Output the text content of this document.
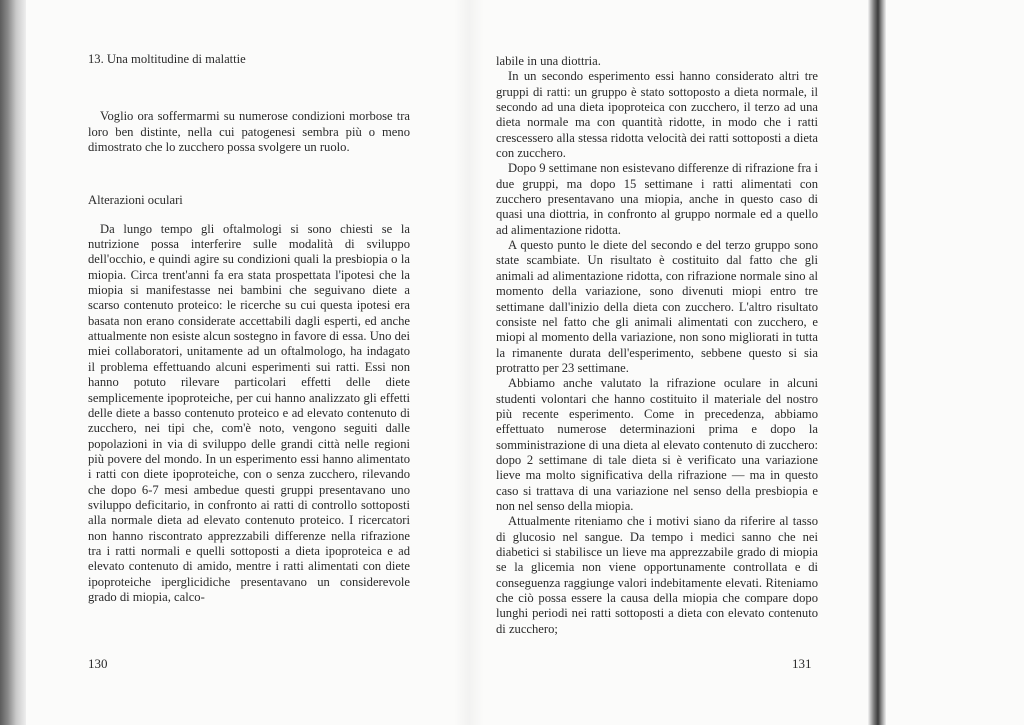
13. Una moltitudine di malattie

Voglio ora soffermarmi su numerose condizioni morbose tra loro ben distinte, nella cui patogenesi sembra più o meno dimostrato che lo zucchero possa svolgere un ruolo.

Alterazioni oculari

Da lungo tempo gli oftalmologi si sono chiesti se la nutrizione possa interferire sulle modalità di sviluppo dell'occhio, e quindi agire su condizioni quali la presbiopia o la miopia. Circa trent'anni fa era stata prospettata l'ipotesi che la miopia si manifestasse nei bambini che seguivano diete a scarso contenuto proteico: le ricerche su cui questa ipotesi era basata non erano considerate accettabili dagli esperti, ed anche attualmente non esiste alcun sostegno in favore di essa. Uno dei miei collaboratori, unitamente ad un oftalmologo, ha indagato il problema effettuando alcuni esperimenti sui ratti. Essi non hanno potuto rilevare particolari effetti delle diete semplicemente ipoproteiche, per cui hanno analizzato gli effetti delle diete a basso contenuto proteico e ad elevato contenuto di zucchero, nei tipi che, com'è noto, vengono seguiti dalle popolazioni in via di sviluppo delle grandi città nelle regioni più povere del mondo. In un esperimento essi hanno alimentato i ratti con diete ipoproteiche, con o senza zucchero, rilevando che dopo 6-7 mesi ambedue questi gruppi presentavano uno sviluppo deficitario, in confronto ai ratti di controllo sottoposti alla normale dieta ad elevato contenuto proteico. I ricercatori non hanno riscontrato apprezzabili differenze nella rifrazione tra i ratti normali e quelli sottoposti a dieta ipoproteica e ad elevato contenuto di amido, mentre i ratti alimentati con diete ipoproteiche iperglicidiche presentavano un considerevole grado di miopia, calco-

labile in una diottria.

In un secondo esperimento essi hanno considerato altri tre gruppi di ratti: un gruppo è stato sottoposto a dieta normale, il secondo ad una dieta ipoproteica con zucchero, il terzo ad una dieta normale ma con quantità ridotte, in modo che i ratti crescessero alla stessa ridotta velocità dei ratti sottoposti a dieta con zucchero.

Dopo 9 settimane non esistevano differenze di rifrazione fra i due gruppi, ma dopo 15 settimane i ratti alimentati con zucchero presentavano una miopia, anche in questo caso di quasi una diottria, in confronto al gruppo normale ed a quello ad alimentazione ridotta.

A questo punto le diete del secondo e del terzo gruppo sono state scambiate. Un risultato è costituito dal fatto che gli animali ad alimentazione ridotta, con rifrazione normale sino al momento della variazione, sono divenuti miopi entro tre settimane dall'inizio della dieta con zucchero. L'altro risultato consiste nel fatto che gli animali alimentati con zucchero, e miopi al momento della variazione, non sono migliorati in tutta la rimanente durata dell'esperimento, sebbene questo si sia protratto per 23 settimane.

Abbiamo anche valutato la rifrazione oculare in alcuni studenti volontari che hanno costituito il materiale del nostro più recente esperimento. Come in precedenza, abbiamo effettuato numerose determinazioni prima e dopo la somministrazione di una dieta al elevato contenuto di zucchero: dopo 2 settimane di tale dieta si è verificato una variazione lieve ma molto significativa della rifrazione — ma in questo caso si trattava di una variazione nel senso della presbiopia e non nel senso della miopia.

Attualmente riteniamo che i motivi siano da riferire al tasso di glucosio nel sangue. Da tempo i medici sanno che nei diabetici si stabilisce un lieve ma apprezzabile grado di miopia se la glicemia non viene opportunamente controllata e di conseguenza raggiunge valori indebitamente elevati. Riteniamo che ciò possa essere la causa della miopia che compare dopo lunghi periodi nei ratti sottoposti a dieta con elevato contenuto di zucchero;

130	131
